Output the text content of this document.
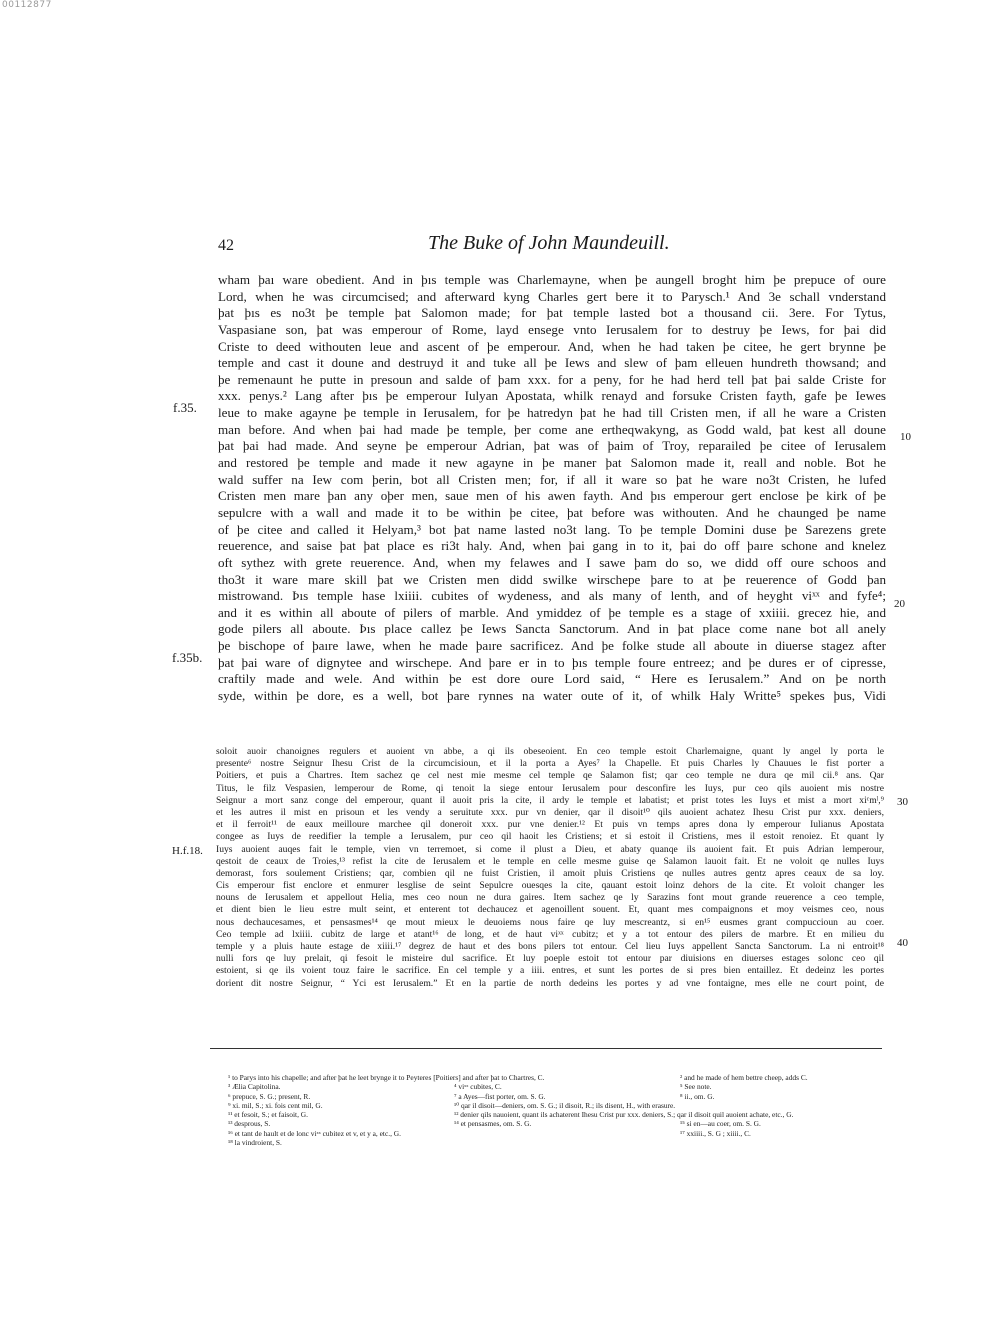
00112877
42	The Buke of John Maundeuill.
wham þaı ware obedient. And in þıs temple was Charlemayne, when þe aungell broght him þe prepuce of oure
Lord, when he was circumcised; and afterward kyng Charles gert bere it to Parysch.¹ And 3e schall vnderstand
þat þıs es no3t þe temple þat Salomon made; for þat temple lasted bot a thousand cii. 3ere. For Tytus,
Vaspasiane son, þat was emperour of Rome, layd ensege vnto Ierusalem for to destruy þe Iews, for þai did
Criste to deed withouten leue and ascent of þe emperour. And, when he had taken þe citee, he gert brynne þe
temple and cast it doune and destruyd it and tuke all þe Iews and slew of þam elleuen hundreth thowsand; and
þe remenaunt he putte in presoun and salde of þam xxx. for a peny, for he had herd tell þat þai salde Criste for
xxx. penys.² Lang after þıs þe emperour Iulyan Apostata, whilk renayd and forsuke Cristen fayth, gafe þe Iewes
leue to make agayne þe temple in Ierusalem, for þe hatredyn þat he had till Cristen men, if all he ware a Cristen
man before. And when þai had made þe temple, þer come ane ertheqwakyng, as Godd wald, þat kest all doune
þat þai had made. And seyne þe emperour Adrian, þat was of þaim of Troy, reparailed þe citee of Ierusalem
and restored þe temple and made it new agayne in þe maner þat Salomon made it, reall and noble. Bot he
wald suffer na Iew com þerin, bot all Cristen men; for, if all it ware so þat he ware no3t Cristen, he lufed
Cristen men mare þan any oþer men, saue men of his awen fayth. And þıs emperour gert enclose þe kirk of þe
sepulcre with a wall and made it to be within þe citee, þat before was withouten. And he chaunged þe name
of þe citee and called it Helyam,³ bot þat name lasted no3t lang. To þe temple Domini duse þe Sarezens grete
reuerence, and saise þat þat place es ri3t haly. And, when þai gang in to it, þai do off þaıre schone and knelez
oft sythez with grete reuerence. And, when my felawes and I sawe þam do so, we didd off oure schoos and
tho3t it ware mare skill þat we Cristen men didd swilke wirschepe þare to at þe reuerence of Godd þan
mistrowand. Þıs temple hase lxiiii. cubites of wydeness, and als many of lenth, and of heyght viˣˣ and fyfe⁴;
and it es within all aboute of pilers of marble. And ymiddez of þe temple es a stage of xxiiii. grecez hie, and
gode pilers all aboute. Þıs place callez þe Iews Sancta Sanctorum. And in þat place come nane bot all anely
þe bischope of þaıre lawe, when he made þaıre sacrificez. And þe folke stude all aboute in diuerse stagez after
þat þai ware of dignytee and wirschepe. And þare er in to þıs temple foure entreez; and þe dures er of cipresse,
craftily made and wele. And within þe est dore oure Lord said, “ Here es Ierusalem.” And on þe north
syde, within þe dore, es a well, bot þare rynnes na water oute of it, of whilk Haly Writte⁵ spekes þus, Vidi
f.35.
f.35b.
10
20
soloit auoir chanoignes regulers et auoient vn abbe, a qi ils obeseoient. En ceo temple estoit Charlemaigne, quant ly angel ly porta le
presente⁶ nostre Seignur Ihesu Crist de la circumcisioun, et il la porta a Ayes⁷ la Chapelle. Et puis Charles ly Chauues le fist porter a
Poitiers, et puis a Chartres. Item sachez qe cel nest mie mesme cel temple qe Salamon fist; qar ceo temple ne dura qe mil cii.⁸ ans. Qar
Titus, le filz Vespasien, lemperour de Rome, qi tenoit la siege entour Ierusalem pour desconfire les Iuys, pur ceo qils auoient mis nostre
Seignur a mort sanz conge del emperour, quant il auoit pris la cite, il ardy le temple et labatist; et prist totes les Iuys et mist a mort xiᶜmˡ,⁹
et les autres il mist en prisoun et les vendy a seruitute xxx. pur vn denier, qar il disoit¹⁰ qils auoient achatez Ihesu Crist pur xxx. deniers,
et il ferroit¹¹ de eaux meilloure marchee qil doneroit xxx. pur vne denier.¹² Et puis vn temps apres dona ly emperour Iulianus Apostata
congee as Iuys de reedifier la temple a Ierusalem, pur ceo qil haoit les Cristiens; et si estoit il Cristiens, mes il estoit renoiez. Et quant ly
Iuys auoient auqes fait le temple, vien vn terremoet, si come il plust a Dieu, et abaty quanqe ils auoient fait. Et puis Adrian lemperour,
qestoit de ceaux de Troies,¹³ refist la cite de Ierusalem et le temple en celle mesme guise qe Salamon lauoit fait. Et ne voloit qe nulles Iuys
demorast, fors soulement Cristiens; qar, combien qil ne fuist Cristien, il amoit pluis Cristiens qe nulles autres gentz apres ceaux de sa loy.
Cis emperour fist enclore et enmurer lesglise de seint Sepulcre ouesqes la cite, qauant estoit loinz dehors de la cite. Et voloit changer les
nouns de Ierusalem et appellout Helia, mes ceo noun ne dura gaires. Item sachez qe ly Sarazins font mout grande reuerence a ceo temple,
et dient bien le lieu estre mult seint, et enterent tot dechaucez et agenoillent souent. Et, quant mes compaignons et moy veismes ceo, nous
nous dechaucesames, et pensasmes¹⁴ qe mout mieux le deuoiems nous faire qe luy mescreantz, si en¹⁵ eusmes grant compuccioun au coer.
Ceo temple ad lxiiii. cubitz de large et atant¹⁶ de long, et de haut viˣˣ cubitz; et y a tot entour des pilers de marbre. Et en milieu du
temple y a pluis haute estage de xiiii.¹⁷ degrez de haut et des bons pilers tot entour. Cel lieu Iuys appellent Sancta Sanctorum. La ni entroit¹⁸
nulli fors qe luy prelait, qi fesoit le misteire dul sacrifice. Et luy poeple estoit tot entour par diuisions en diuerses estages solonc ceo qil
estoient, si qe ils voient touz faire le sacrifice. En cel temple y a iiii. entres, et sunt les portes de si pres bien entaillez. Et dedeinz les portes
dorient dit nostre Seignur, “ Yci est Ierusalem.” Et en la partie de north dedeins les portes y ad vne fontaigne, mes elle ne court point, de
H.f.18.
30
40
¹ to Parys into his chapelle; and after þat he leet brynge it to Peyteres [Poitiers] and after þat to Chartres, C.
³ Ælia Capitolina.
⁶ prepuce, S. G.; present, R.
⁹ xi. mil, S.; xi. fois cent mil, G.
¹¹ et fesoit, S.; et faisoit, G.
¹³ desprous, S.
¹⁶ et tant de hault et de lonc viˣˣ cubitez et v, et y a, etc., G.
¹⁸ la vindroient, S.
⁴ viˣˣ cubites, C.
⁷ a Ayes—fist porter, om. S. G.
¹⁰ qar il disoit—deniers, om. S. G.; il disoit, R.; ils disent, H., with erasure.
¹² denier qils nauoient, quant ils achaterent Ihesu Crist pur xxx. deniers, S.; qar il disoit quil auoient achate, etc., G.
¹⁴ et pensasmes, om. S. G.
² and he made of hem bettre cheep, adds C.
⁵ See note.
⁸ ii., om. G.
¹⁵ si en—au coer, om. S. G.
¹⁷ xxiiii., S. G ; xiiii., C.
